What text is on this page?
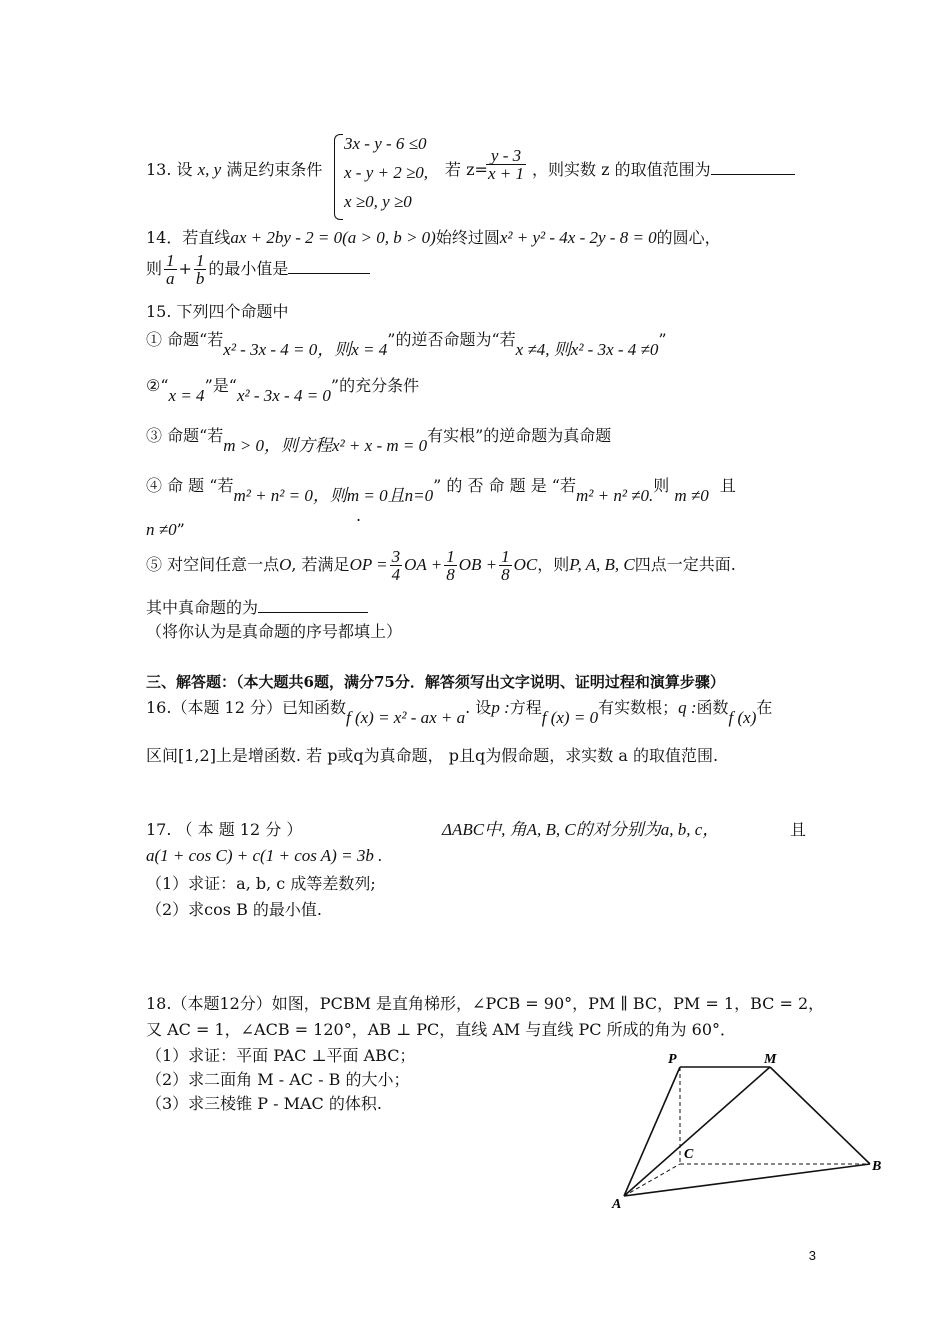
13. 设 x, y 满足约束条件
3x - y - 6 ≤0
x - y + 2 ≥0,
x ≥0, y ≥0
若 z=
$\frac{y - 3}{x + 1}$ ，则实数 z 的取值范围为
14．若直线ax + 2by - 2 = 0(a > 0, b > 0)始终过圆x² + y² - 4x - 2y - 8 = 0的圆心，
则 $\frac{1}{a} + \frac{1}{b}$ 的最小值是
15. 下列四个命题中
① 命题“若x² - 3x - 4 = 0，则x = 4”的逆否命题为“若x ≠4, 则x² - 3x - 4 ≠0”
②“x = 4”是“x² - 3x - 4 = 0”的充分条件
③ 命题“若m > 0，则方程x² + x - m = 0有实根”的逆命题为真命题
④ 命 题 “若m² + n² = 0，则m = 0且n=0” 的 否 命 题 是 “若m² + n² ≠0.则 m ≠0 且
.
n ≠0”
⑤ 对空间任意一点O, 若满足OP = $\frac{3}{4}$ OA + $\frac{1}{8}$ OB + $\frac{1}{8}$ OC，则P, A, B, C四点一定共面.
其中真命题的为
（将你认为是真命题的序号都填上）
三、解答题：（本大题共6题，满分75分．解答须写出文字说明、证明过程和演算步骤）
16.（本题 12 分）已知函数f (x) = x² - ax + a. 设p :方程f (x) = 0有实数根；q :函数f (x)在
区间[1,2]上是增函数. 若 p或q为真命题， p且q为假命题，求实数 a 的取值范围.
17. （ 本 题 12 分 ）	ΔABC中, 角A, B, C的对分别为a, b, c，	且
a(1 + cos C) + c(1 + cos A) = 3b .
（1）求证：a, b, c 成等差数列;
（2）求cos B 的最小值.
18.（本题12分）如图，PCBM 是直角梯形，∠PCB = 90°，PM ∥ BC，PM = 1，BC = 2，
又 AC = 1，∠ACB = 120°，AB ⊥ PC，直线 AM 与直线 PC 所成的角为 60°．
（1）求证：平面 PAC ⊥平面 ABC；
（2）求二面角 M - AC - B 的大小；
（3）求三棱锥 P - MAC 的体积.
P	M
C
A
B
3
